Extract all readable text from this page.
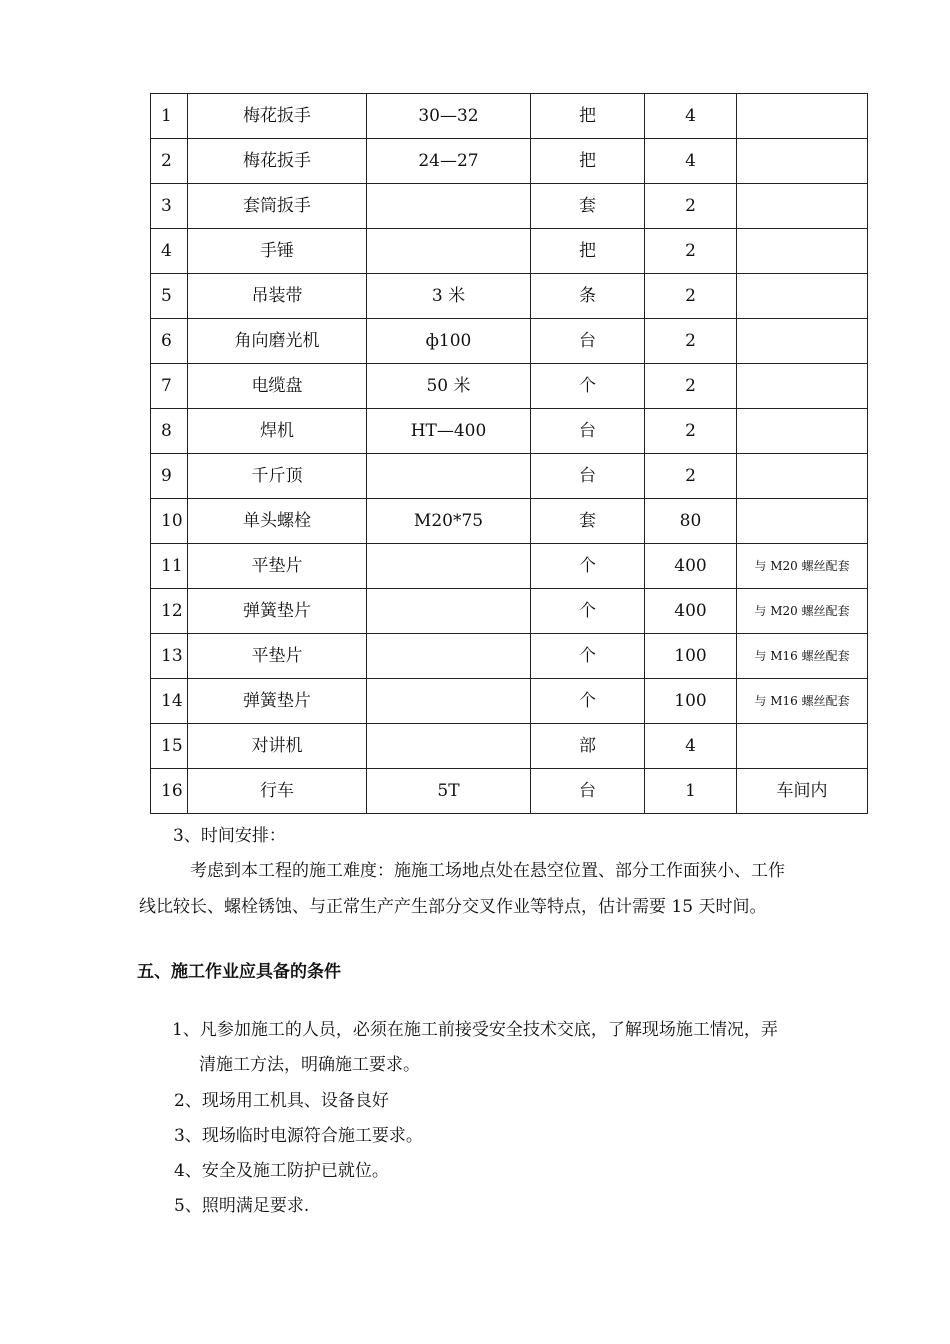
1	梅花扳手	30—32	把	4	
2	梅花扳手	24—27	把	4	
3	套筒扳手		套	2	
4	手锤		把	2	
5	吊装带	3 米	条	2	
6	角向磨光机	ф100	台	2	
7	电缆盘	50 米	个	2	
8	焊机	HT—400	台	2	
9	千斤顶		台	2	
10	单头螺栓	M20*75	套	80	
11	平垫片		个	400	与 M20 螺丝配套
12	弹簧垫片		个	400	与 M20 螺丝配套
13	平垫片		个	100	与 M16 螺丝配套
14	弹簧垫片		个	100	与 M16 螺丝配套
15	对讲机		部	4	
16	行车	5T	台	1	车间内
3、时间安排：
考虑到本工程的施工难度：施施工场地点处在悬空位置、部分工作面狭小、工作
线比较长、螺栓锈蚀、与正常生产产生部分交叉作业等特点，估计需要 15 天时间。
五、施工作业应具备的条件
1、凡参加施工的人员，必须在施工前接受安全技术交底，了解现场施工情况，弄
清施工方法，明确施工要求。
2、现场用工机具、设备良好
3、现场临时电源符合施工要求。
4、安全及施工防护已就位。
5、照明满足要求.
